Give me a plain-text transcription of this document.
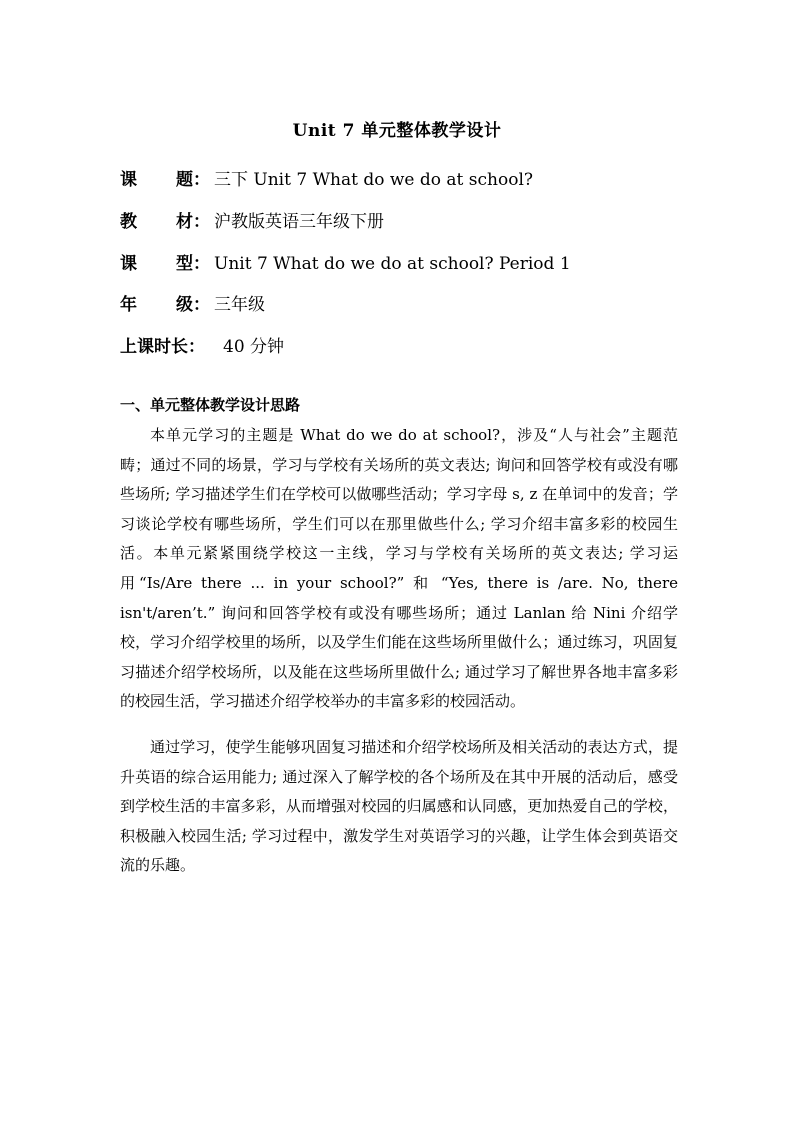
Unit 7 单元整体教学设计
课 题： 三下 Unit 7 What do we do at school?
教 材： 沪教版英语三年级下册
课 型： Unit 7 What do we do at school? Period 1
年 级： 三年级
上课时长： 40 分钟
一、单元整体教学设计思路

本单元学习的主题是 What do we do at school?，涉及“人与社会”主题范畴；通过不同的场景，学习与学校有关场所的英文表达; 询问和回答学校有或没有哪些场所; 学习描述学生们在学校可以做哪些活动；学习字母 s, z 在单词中的发音；学习谈论学校有哪些场所，学生们可以在那里做些什么; 学习介绍丰富多彩的校园生活。本单元紧紧围绕学校这一主线，学习与学校有关场所的英文表达; 学习运用“Is/Are there ... in your school?” 和 “Yes, there is /are. No, there isn't/aren’t.” 询问和回答学校有或没有哪些场所；通过 Lanlan 给 Nini 介绍学校，学习介绍学校里的场所，以及学生们能在这些场所里做什么；通过练习，巩固复习描述介绍学校场所，以及能在这些场所里做什么; 通过学习了解世界各地丰富多彩的校园生活，学习描述介绍学校举办的丰富多彩的校园活动。

通过学习，使学生能够巩固复习描述和介绍学校场所及相关活动的表达方式，提升英语的综合运用能力; 通过深入了解学校的各个场所及在其中开展的活动后，感受到学校生活的丰富多彩，从而增强对校园的归属感和认同感，更加热爱自己的学校，积极融入校园生活; 学习过程中，激发学生对英语学习的兴趣，让学生体会到英语交流的乐趣。
